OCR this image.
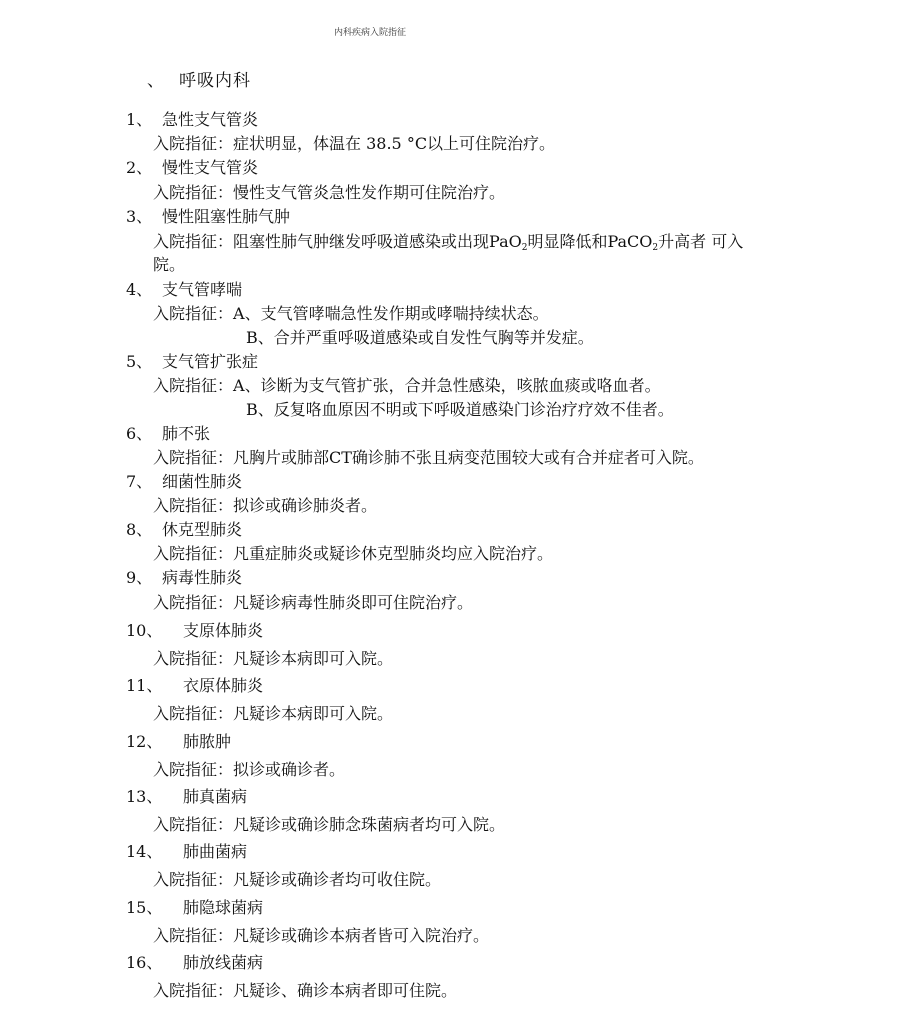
内科疾病入院指征
、 呼吸内科
1、 急性支气管炎
入院指征：症状明显，体温在 38.5 °C以上可住院治疗。
2、 慢性支气管炎
入院指征：慢性支气管炎急性发作期可住院治疗。
3、 慢性阻塞性肺气肿
入院指征：阻塞性肺气肿继发呼吸道感染或出现PaO$_2$明显降低和PaCO$_2$升高者 可入
院。
4、 支气管哮喘
入院指征：A、支气管哮喘急性发作期或哮喘持续状态。
B、合并严重呼吸道感染或自发性气胸等并发症。
5、 支气管扩张症
入院指征：A、诊断为支气管扩张，合并急性感染，咳脓血痰或咯血者。
B、反复咯血原因不明或下呼吸道感染门诊治疗疗效不佳者。
6、 肺不张
入院指征：凡胸片或肺部CT确诊肺不张且病变范围较大或有合并症者可入院。
7、 细菌性肺炎
入院指征：拟诊或确诊肺炎者。
8、 休克型肺炎
入院指征：凡重症肺炎或疑诊休克型肺炎均应入院治疗。
9、 病毒性肺炎
入院指征：凡疑诊病毒性肺炎即可住院治疗。
10、 支原体肺炎
入院指征：凡疑诊本病即可入院。
11、 衣原体肺炎
入院指征：凡疑诊本病即可入院。
12、 肺脓肿
入院指征：拟诊或确诊者。
13、 肺真菌病
入院指征：凡疑诊或确诊肺念珠菌病者均可入院。
14、 肺曲菌病
入院指征：凡疑诊或确诊者均可收住院。
15、 肺隐球菌病
入院指征：凡疑诊或确诊本病者皆可入院治疗。
16、 肺放线菌病
入院指征：凡疑诊、确诊本病者即可住院。
